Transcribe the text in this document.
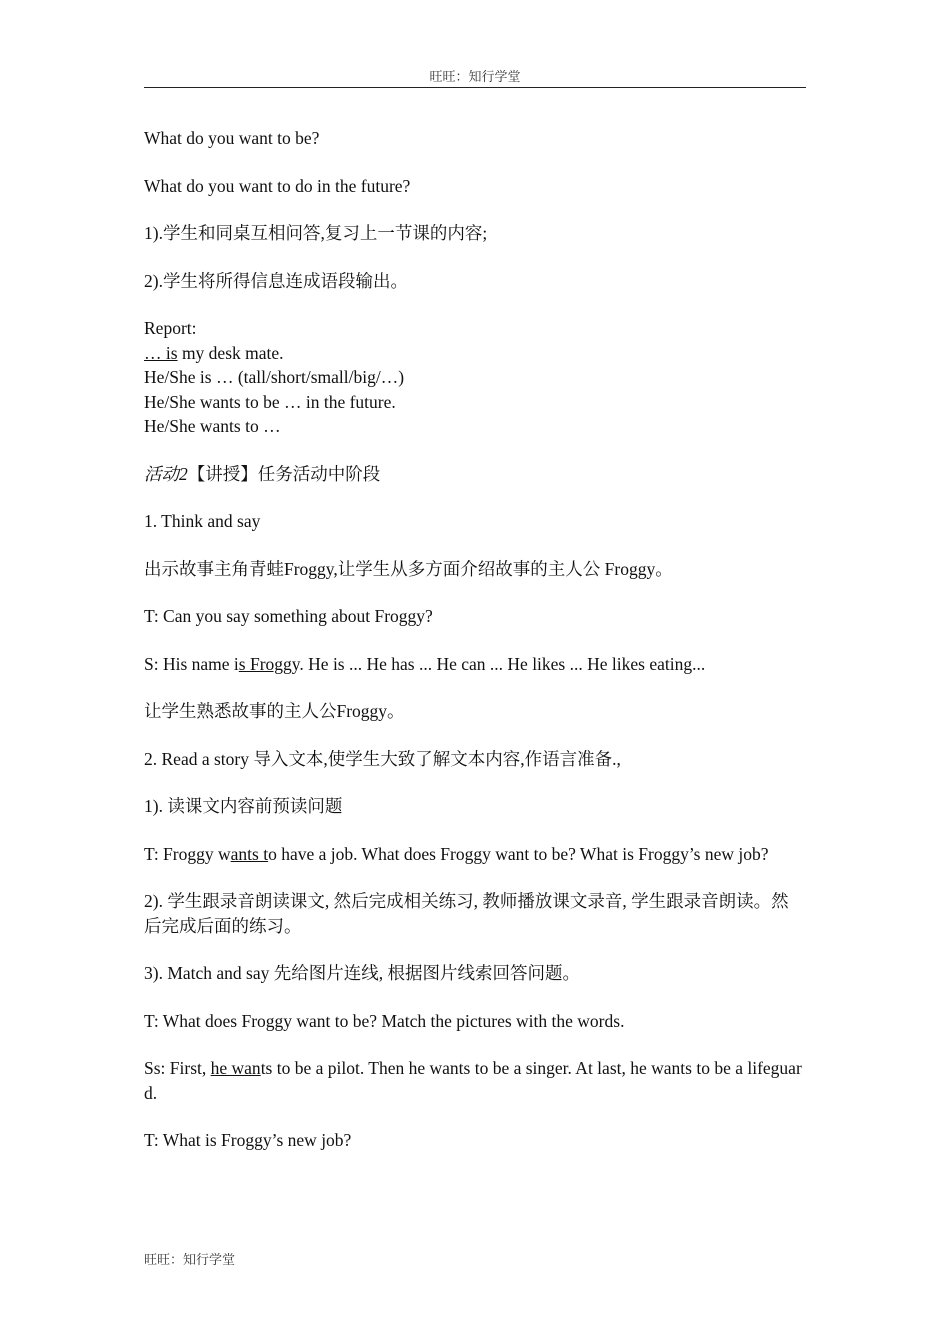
旺旺：知行学堂

What do you want to be?

What do you want to do in the future?

1).学生和同桌互相问答,复习上一节课的内容;

2).学生将所得信息连成语段输出。

Report:
… is my desk mate.
He/She is … (tall/short/small/big/…)
He/She wants to be … in the future.
He/She wants to …

活动2【讲授】任务活动中阶段

1. Think and say

出示故事主角青蛙Froggy,让学生从多方面介绍故事的主人公 Froggy。

T: Can you say something about Froggy?

S: His name is Froggy. He is ... He has ... He can ... He likes ... He likes eating...

让学生熟悉故事的主人公Froggy。

2. Read a story 导入文本,使学生大致了解文本内容,作语言准备.,

1). 读课文内容前预读问题

T: Froggy wants to have a job. What does Froggy want to be? What is Froggy’s new job?

2). 学生跟录音朗读课文, 然后完成相关练习, 教师播放课文录音, 学生跟录音朗读。然后完成后面的练习。

3). Match and say 先给图片连线, 根据图片线索回答问题。

T: What does Froggy want to be? Match the pictures with the words.

Ss: First, he wants to be a pilot. Then he wants to be a singer. At last, he wants to be a lifeguard.

T: What is Froggy’s new job?

旺旺：知行学堂
